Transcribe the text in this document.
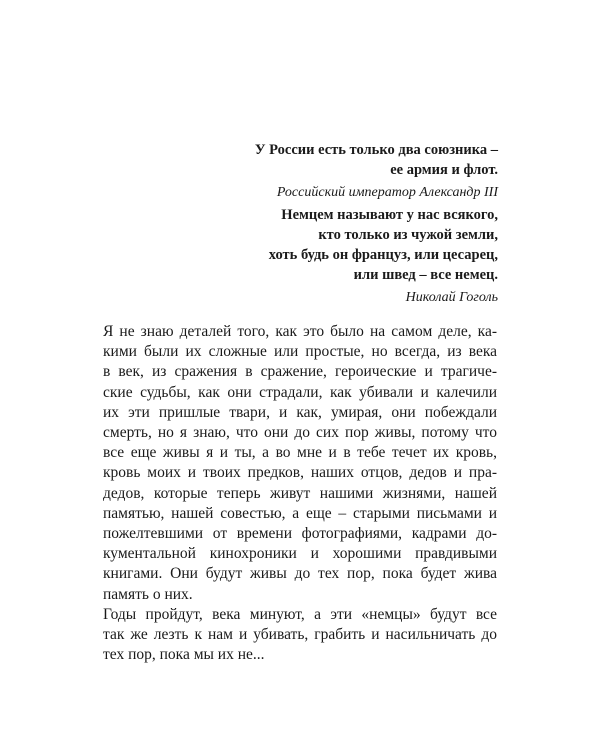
У России есть только два союзника –
ее армия и флот.
Российский император Александр III
Немцем называют у нас всякого,
кто только из чужой земли,
хоть будь он француз, или цесарец,
или швед – все немец.
Николай Гоголь

Я не знаю деталей того, как это было на самом деле, ка-
кими были их сложные или простые, но всегда, из века
в век, из сражения в сражение, героические и трагиче-
ские судьбы, как они страдали, как убивали и калечили
их эти пришлые твари, и как, умирая, они побеждали
смерть, но я знаю, что они до сих пор живы, потому что
все еще живы я и ты, а во мне и в тебе течет их кровь,
кровь моих и твоих предков, наших отцов, дедов и пра-
дедов, которые теперь живут нашими жизнями, нашей
памятью, нашей совестью, а еще – старыми письмами и
пожелтевшими от времени фотографиями, кадрами до-
кументальной кинохроники и хорошими правдивыми
книгами. Они будут живы до тех пор, пока будет жива
память о них.

Годы пройдут, века минуют, а эти «немцы» будут все
так же лезть к нам и убивать, грабить и насильничать до
тех пор, пока мы их не...
